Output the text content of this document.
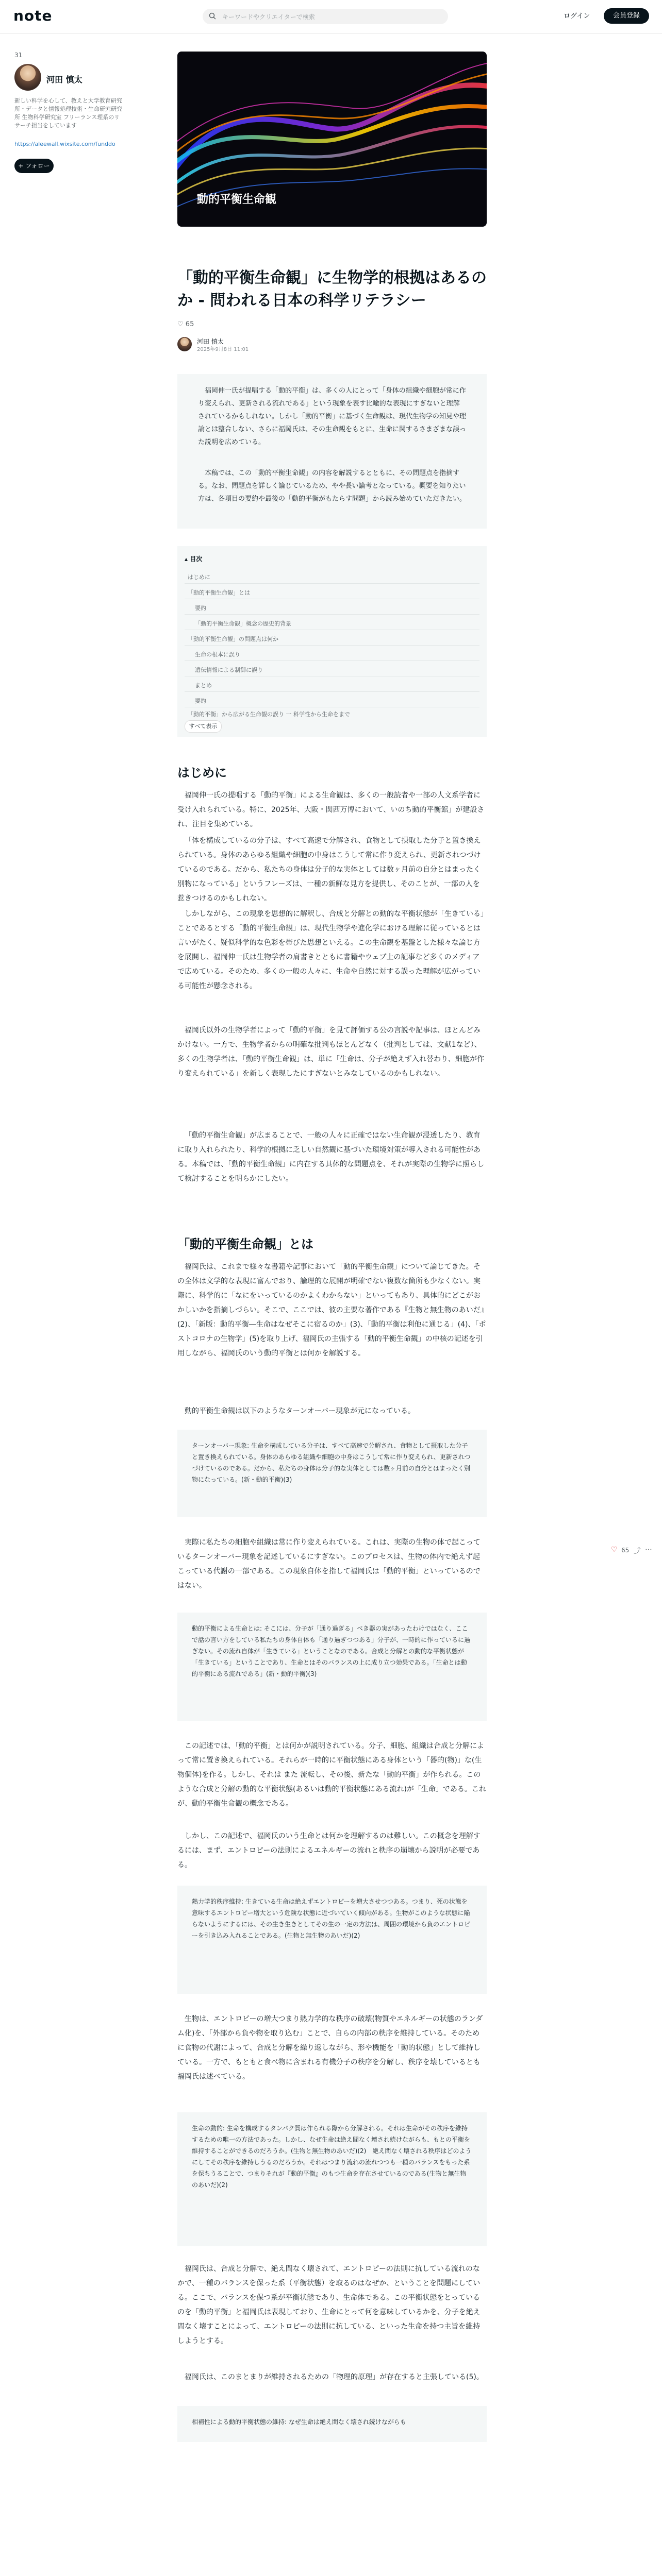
note	キーワードやクリエイターで検索	ログイン	会員登録
31
河田 慎太
新しい科学を心して、教えと大学教育研究所・データと情報処理技術・生命研究研究所 生物科学研究室 フリーランス理系のリサーチ担当をしています
https://aleewall.wixsite.com/funddo
+ フォロー
動的平衡生命観
「動的平衡生命観」に生物学的根拠はあるのか - 問われる日本の科学リテラシー
♡ 65
河田 慎太
2025年9月8日 11:01

福岡伸一氏が提唱する「動的平衡」は、多くの人にとって「身体の組織や細胞が常に作り変えられ、更新される流れである」という現象を表す比喩的な表現にすぎないと理解されているかもしれない。しかし「動的平衡」に基づく生命観は、現代生物学の知見や理論とは整合しない、さらに福岡氏は、その生命観をもとに、生命に関するさまざまな誤った説明を広めている。

本稿では、この「動的平衡生命観」の内容を解説するとともに、その問題点を指摘する。なお、問題点を詳しく論じているため、やや長い論考となっている。概要を知りたい方は、各項目の要約や最後の「動的平衡がもたらす問題」から読み始めていただきたい。

▴ 目次
はじめに
「動的平衡生命観」とは
要約
「動的平衡生命観」概念の歴史的背景
「動的平衡生命観」の問題点は何か
生命の根本に誤り
遺伝情報による制御に誤り
まとめ
要約
「動的平衡」から広がる生命観の誤り 一 科学性から生命をまで
すべて表示
はじめに

福岡伸一氏の提唱する「動的平衡」による生命観は、多くの一般読者や一部の人文系学者に受け入れられている。特に、2025年、大阪・関西万博において、いのち動的平衡館」が建設され、注目を集めている。

「体を構成しているの分子は、すべて高速で分解され、食物として摂取した分子と置き換えられている。身体のあらゆる組織や細胞の中身はこうして常に作り変えられ、更新されつづけているのである。だから、私たちの身体は分子的な実体としては数ヶ月前の自分とはまったく別物になっている」というフレーズは、一種の新鮮な見方を提供し、そのことが、一部の人を惹きつけるのかもしれない。

しかしながら、この現象を思想的に解釈し、合成と分解との動的な平衡状態が「生きている」ことであるとする「動的平衡生命観」は、現代生物学や進化学における理解に従っているとは言いがたく、疑似科学的な色彩を帯びた思想といえる。この生命観を基盤とした様々な論じ方を展開し、福岡伸一氏は生物学者の肩書きとともに書籍やウェブ上の記事など多くのメディアで広めている。そのため、多くの一般の人々に、生命や自然に対する誤った理解が広がっている可能性が懸念される。

福岡氏以外の生物学者によって「動的平衡」を見て評価する公の言説や記事は、ほとんどみかけない。一方で、生物学者からの明確な批判もほとんどなく（批判としては、文献1など）、多くの生物学者は、「動的平衡生命観」は、単に「生命は、分子が絶えず入れ替わり、細胞が作り変えられている」を新しく表現したにすぎないとみなしているのかもしれない。

「動的平衡生命観」が広まることで、一般の人々に正確ではない生命観が浸透したり、教育に取り入れられたり、科学的根拠に乏しい自然観に基づいた環境対策が導入される可能性がある。本稿では、「動的平衡生命観」に内在する具体的な問題点を、それが実際の生物学に照らして検討することを明らかにしたい。

「動的平衡生命観」とは

福岡氏は、これまで様々な書籍や記事において「動的平衡生命観」について論じてきた。その全体は文学的な表現に富んでおり、論理的な展開が明確でない複数な箇所も少なくない。実際に、科学的に「なにをいっているのかよくわからない」といってもあり、具体的にどこがおかしいかを指摘しづらい。そこで、ここでは、彼の主要な著作である『生物と無生物のあいだ』(2)、「新版：動的平衡―生命はなぜそこに宿るのか」(3)、「動的平衡は利他に通じる」(4)、「ポストコロナの生物学」(5)を取り上げ、福岡氏の主張する「動的平衡生命観」の中核の記述を引用しながら、福岡氏のいう動的平衡とは何かを解説する。

動的平衡生命観は以下のようなターンオーバー現象が元になっている。

ターンオーバー現象: 生命を構成している分子は、すべて高速で分解され、食物として摂取した分子と置き換えられている。身体のあらゆる組織や細胞の中身はこうして常に作り変えられ、更新されつづけているのである。だから、私たちの身体は分子的な実体としては数ヶ月前の自分とはまったく別物になっている。(新・動的平衡)(3)

実際に私たちの細胞や組織は常に作り変えられている。これは、実際の生物の体で起こっているターンオーバー現象を記述しているにすぎない。このプロセスは、生物の体内で絶えず起こっている代謝の一部である。この現象自体を指して福岡氏は「動的平衡」といっているのではない。

動的平衡による生命とは: そこには、分子が「通り過ぎる」べき器の実があったわけではなく、ここで話の言い方をしている私たちの身体自体も「通り過ぎつつある」分子が、一時的に作っているに過ぎない。その流れ自体が「生きている」ということなのである。合成と分解との動的な平衡状態が「生きている」ということであり、生命とはそのバランスの上に成り立つ効果である。「生命とは動的平衡にある流れである」(新・動的平衡)(3)

この記述では、「動的平衡」とは何かが説明されている。分子、細胞、組織は合成と分解によって常に置き換えられている。それらが一時的に平衡状態にある身体という「器的(物)」な(生物個体)を作る。しかし、それは また 流転し、その後、新たな「動的平衡」が作られる。このような合成と分解の動的な平衡状態(あるいは動的平衡状態にある流れ)が「生命」である。これが、動的平衡生命観の概念である。

しかし、この記述で、福岡氏のいう生命とは何かを理解するのは難しい。この概念を理解するには、まず、エントロピーの法則によるエネルギーの流れと秩序の崩壊から説明が必要である。

熱力学的秩序維持: 生きている生命は絶えずエントロピーを増大させつつある。つまり、死の状態を意味するエントロピー増大という危険な状態に近づいていく傾向がある。生物がこのような状態に陥らないようにするには、その生き生きとしてその生の一定の方法は、周囲の環境から負のエントロピーを引き込み入れることである。(生物と無生物のあいだ)(2)

生物は、エントロピーの増大つまり熱力学的な秩序の破壊(物質やエネルギーの状態のランダム化)を、「外部から負や物を取り込む」ことで、自らの内部の秩序を維持している。そのために食物の代謝によって、合成と分解を繰り返しながら、形や機能を「動的状態」として維持している。一方で、もともと食べ物に含まれる有機分子の秩序を分解し、秩序を壊しているとも福岡氏は述べている。

生命の動的: 生命を構成するタンパク質は作られる際から分解される。それは生命がその秩序を維持するための唯一の方法であった。しかし、なぜ生命は絶え間なく壊され続けながらも、もとの平衡を維持することができるのだろうか。(生物と無生物のあいだ)(2)　絶え間なく壊される秩序はどのようにしてその秩序を維持しうるのだろうか。それはつまり流れの流れつつも一種のバランスをもった系を保ちうることで、つまりそれが『動的平衡』のもつ生命を存在させているのである(生物と無生物のあいだ)(2)

福岡氏は、合成と分解で、絶え間なく壊されて、エントロピーの法則に抗している流れのなかで、一種のバランスを保った系（平衡状態）を取るのはなぜか、ということを問題にしている。ここで、バランスを保つ系が平衡状態であり、生命体である。この平衡状態をとっているのを「動的平衡」と福岡氏は表現しており、生命にとって何を意味しているかを、分子を絶え間なく壊すことによって、エントロピーの法則に抗している、といった生命を持つ主旨を維持しようとする。

福岡氏は、このまとまりが維持されるための「物理的原理」が存在すると主張している(5)。

相補性による動的平衡状態の維持: なぜ生命は絶え間なく壊され続けながらも

♡ 65 ⤴ ⋯
